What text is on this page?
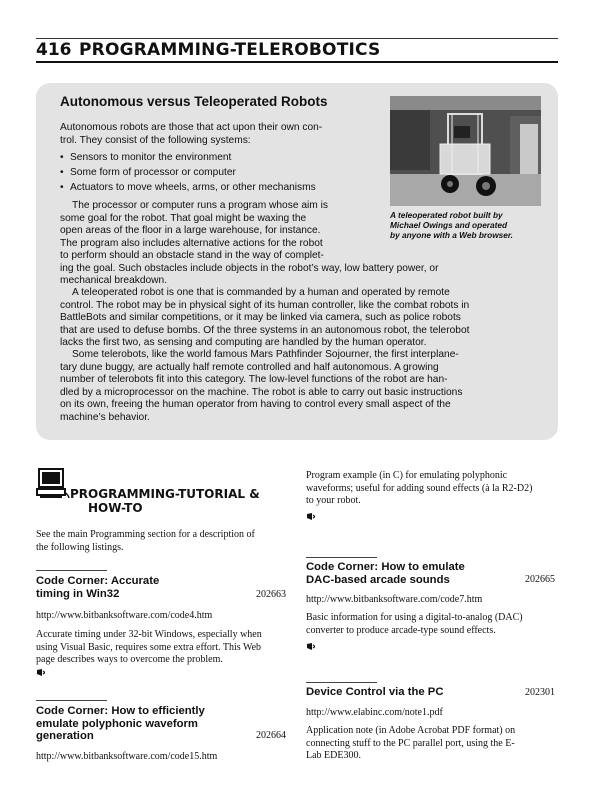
416 PROGRAMMING-TELEROBOTICS
Autonomous versus Teleoperated Robots
Autonomous robots are those that act upon their own con-
trol. They consist of the following systems:
• Sensors to monitor the environment
• Some form of processor or computer
• Actuators to move wheels, arms, or other mechanisms
The processor or computer runs a program whose aim is
some goal for the robot. That goal might be waxing the
open areas of the floor in a large warehouse, for instance.
The program also includes alternative actions for the robot
to perform should an obstacle stand in the way of complet-
ing the goal. Such obstacles include objects in the robot’s way, low battery power, or
mechanical breakdown.
A teleoperated robot is one that is commanded by a human and operated by remote
control. The robot may be in physical sight of its human controller, like the combat robots in
BattleBots and similar competitions, or it may be linked via camera, such as police robots
that are used to defuse bombs. Of the three systems in an autonomous robot, the telerobot
lacks the first two, as sensing and computing are handled by the human operator.
Some telerobots, like the world famous Mars Pathfinder Sojourner, the first interplane-
tary dune buggy, are actually half remote controlled and half autonomous. A growing
number of telerobots fit into this category. The low-level functions of the robot are han-
dled by a microprocessor on the machine. The robot is able to carry out basic instructions
on its own, freeing the human operator from having to control every small aspect of the
machine’s behavior.
A teleoperated robot built by
Michael Owings and operated
by anyone with a Web browser.
PROGRAMMING-TUTORIAL &
HOW-TO
See the main Programming section for a description of
the following listings.
Code Corner: Accurate
timing in Win32	202663
http://www.bitbanksoftware.com/code4.htm
Accurate timing under 32-bit Windows, especially when
using Visual Basic, requires some extra effort. This Web
page describes ways to overcome the problem.
Code Corner: How to efficiently
emulate polyphonic waveform
generation	202664
http://www.bitbanksoftware.com/code15.htm
Program example (in C) for emulating polyphonic
waveforms; useful for adding sound effects (à la R2-D2)
to your robot.
Code Corner: How to emulate
DAC-based arcade sounds	202665
http://www.bitbanksoftware.com/code7.htm
Basic information for using a digital-to-analog (DAC)
converter to produce arcade-type sound effects.
Device Control via the PC	202301
http://www.elabinc.com/note1.pdf
Application note (in Adobe Acrobat PDF format) on
connecting stuff to the PC parallel port, using the E-
Lab EDE300.
